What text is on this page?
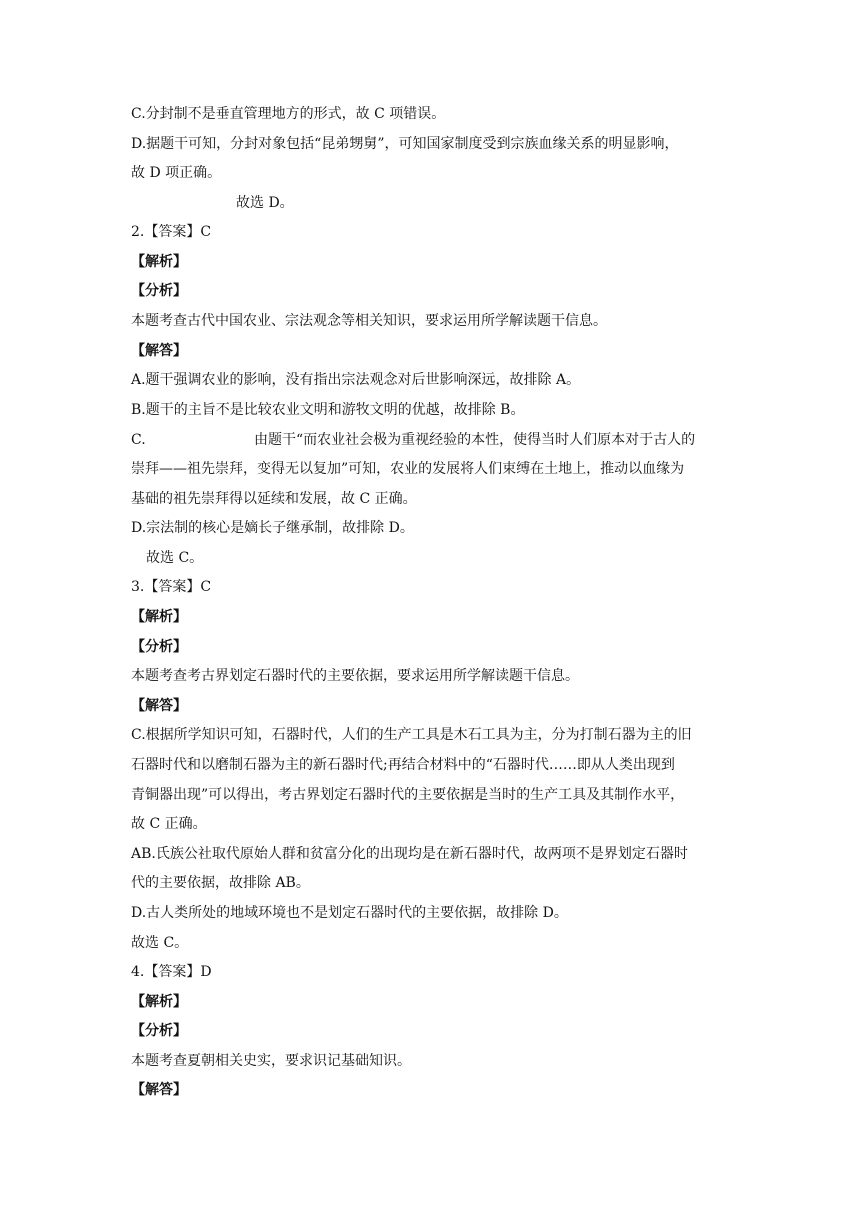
C.分封制不是垂直管理地方的形式，故 C 项错误。
D.据题干可知，分封对象包括“昆弟甥舅”，可知国家制度受到宗族血缘关系的明显影响，
故 D 项正确。
故选 D。
2.【答案】C
【解析】
【分析】
本题考查古代中国农业、宗法观念等相关知识，要求运用所学解读题干信息。
【解答】
A.题干强调农业的影响，没有指出宗法观念对后世影响深远，故排除 A。
B.题干的主旨不是比较农业文明和游牧文明的优越，故排除 B。
C.	由题干“而农业社会极为重视经验的本性，使得当时人们原本对于古人的
崇拜——祖先崇拜，变得无以复加”可知，农业的发展将人们束缚在土地上，推动以血缘为
基础的祖先崇拜得以延续和发展，故 C 正确。
D.宗法制的核心是嫡长子继承制，故排除 D。
故选 C。
3.【答案】C
【解析】
【分析】
本题考查考古界划定石器时代的主要依据，要求运用所学解读题干信息。
【解答】
C.根据所学知识可知，石器时代，人们的生产工具是木石工具为主，分为打制石器为主的旧
石器时代和以磨制石器为主的新石器时代;再结合材料中的“石器时代……即从人类出现到
青铜器出现”可以得出，考古界划定石器时代的主要依据是当时的生产工具及其制作水平，
故 C 正确。
AB.氏族公社取代原始人群和贫富分化的出现均是在新石器时代，故两项不是界划定石器时
代的主要依据，故排除 AB。
D.古人类所处的地域环境也不是划定石器时代的主要依据，故排除 D。
故选 C。
4.【答案】D
【解析】
【分析】
本题考查夏朝相关史实，要求识记基础知识。
【解答】
